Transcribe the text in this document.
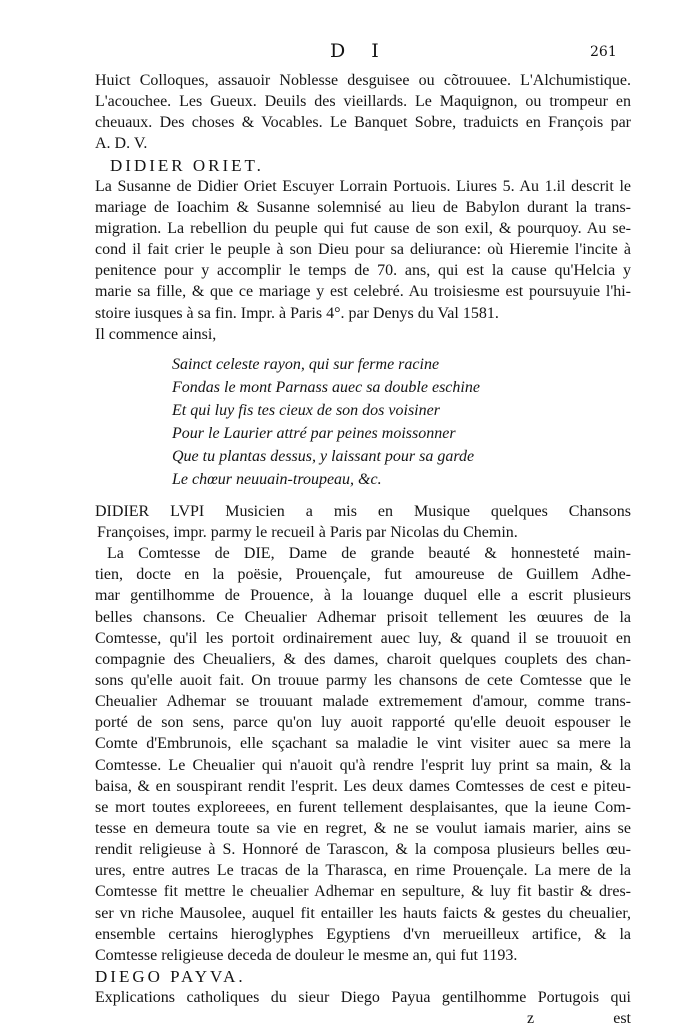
D I	261
Huict Colloques, assauoir Noblesse desguisee ou cõtrouuee. L'Alchumistique.
L'acouchee. Les Gueux. Deuils des vieillards. Le Maquignon, ou trompeur en
cheuaux. Des choses & Vocables. Le Banquet Sobre, traduicts en François par
A. D. V.
DIDIER ORIET.
La Susanne de Didier Oriet Escuyer Lorrain Portuois. Liures 5. Au 1.il descrit le
mariage de Ioachim & Susanne solemnisé au lieu de Babylon durant la trans-
migration. La rebellion du peuple qui fut cause de son exil, & pourquoy. Au se-
cond il fait crier le peuple à son Dieu pour sa deliurance: où Hieremie l'incite à
penitence pour y accomplir le temps de 70. ans, qui est la cause qu'Helcia y
marie sa fille, & que ce mariage y est celebré. Au troisiesme est poursuyuie l'hi-
stoire iusques à sa fin. Impr. à Paris 4°. par Denys du Val 1581.
Il commence ainsi,
Sainct celeste rayon, qui sur ferme racine
Fondas le mont Parnass auec sa double eschine
Et qui luy fis tes cieux de son dos voisiner
Pour le Laurier attré par peines moissonner
Que tu plantas dessus, y laissant pour sa garde
Le chœur neuuain-troupeau, &c.
DIDIER LVPI Musicien a mis en Musique quelques Chansons
Françoises, impr. parmy le recueil à Paris par Nicolas du Chemin.
La Comtesse de DIE, Dame de grande beauté & honnesteté main-
tien, docte en la poësie, Prouençale, fut amoureuse de Guillem Adhe-
mar gentilhomme de Prouence, à la louange duquel elle a escrit plusieurs
belles chansons. Ce Cheualier Adhemar prisoit tellement les œuures de la
Comtesse, qu'il les portoit ordinairement auec luy, & quand il se trouuoit en
compagnie des Cheualiers, & des dames, charoit quelques couplets des chan-
sons qu'elle auoit fait. On trouue parmy les chansons de cete Comtesse que le
Cheualier Adhemar se trouuant malade extremement d'amour, comme trans-
porté de son sens, parce qu'on luy auoit rapporté qu'elle deuoit espouser le
Comte d'Embrunois, elle sçachant sa maladie le vint visiter auec sa mere la
Comtesse. Le Cheualier qui n'auoit qu'à rendre l'esprit luy print sa main, & la
baisa, & en souspirant rendit l'esprit. Les deux dames Comtesses de cest e piteu-
se mort toutes exploreees, en furent tellement desplaisantes, que la ieune Com-
tesse en demeura toute sa vie en regret, & ne se voulut iamais marier, ains se
rendit religieuse à S. Honnoré de Tarascon, & la composa plusieurs belles œu-
ures, entre autres Le tracas de la Tharasca, en rime Prouençale. La mere de la
Comtesse fit mettre le cheualier Adhemar en sepulture, & luy fit bastir & dres-
ser vn riche Mausolee, auquel fit entailler les hauts faicts & gestes du cheualier,
ensemble certains hieroglyphes Egyptiens d'vn merueilleux artifice, & la
Comtesse religieuse deceda de douleur le mesme an, qui fut 1193.
DIEGO PAYVA.
Explications catholiques du sieur Diego Payua gentilhomme Portugois qui
z	est
